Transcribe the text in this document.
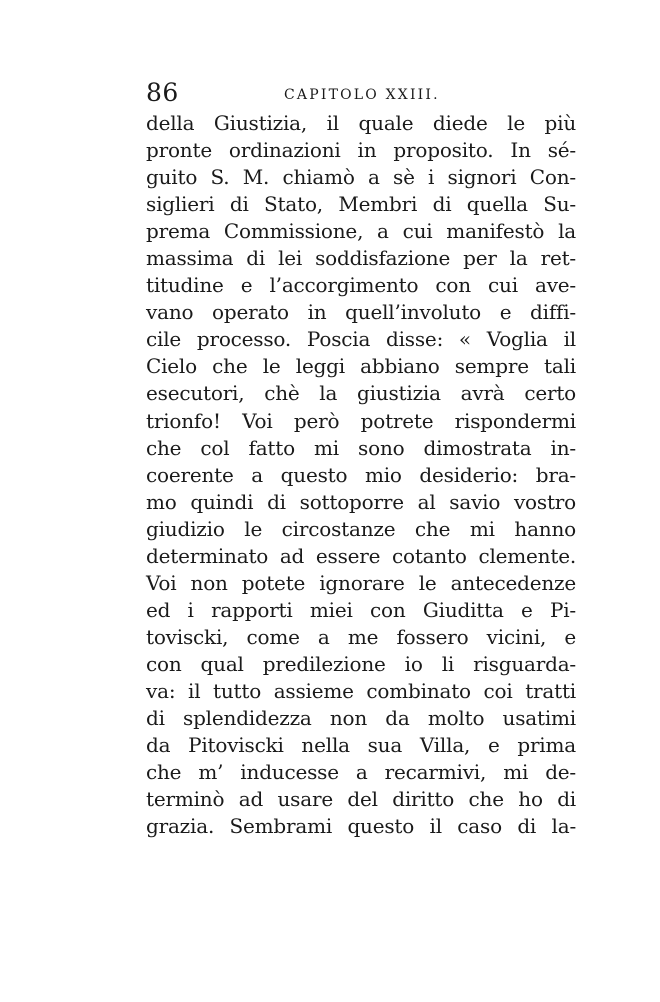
86	CAPITOLO XXIII.
della Giustizia, il quale diede le più
pronte ordinazioni in proposito. In sé-
guito S. M. chiamò a sè i signori Con-
siglieri di Stato, Membri di quella Su-
prema Commissione, a cui manifestò la
massima di lei soddisfazione per la ret-
titudine e l’accorgimento con cui ave-
vano operato in quell’involuto e diffi-
cile processo. Poscia disse: « Voglia il
Cielo che le leggi abbiano sempre tali
esecutori, chè la giustizia avrà certo
trionfo! Voi però potrete rispondermi
che col fatto mi sono dimostrata in-
coerente a questo mio desiderio: bra-
mo quindi di sottoporre al savio vostro
giudizio le circostanze che mi hanno
determinato ad essere cotanto clemente.
Voi non potete ignorare le antecedenze
ed i rapporti miei con Giuditta e Pi-
toviscki, come a me fossero vicini, e
con qual predilezione io li risguarda-
va: il tutto assieme combinato coi tratti
di splendidezza non da molto usatimi
da Pitoviscki nella sua Villa, e prima
che m’ inducesse a recarmivi, mi de-
terminò ad usare del diritto che ho di
grazia. Sembrami questo il caso di la-
